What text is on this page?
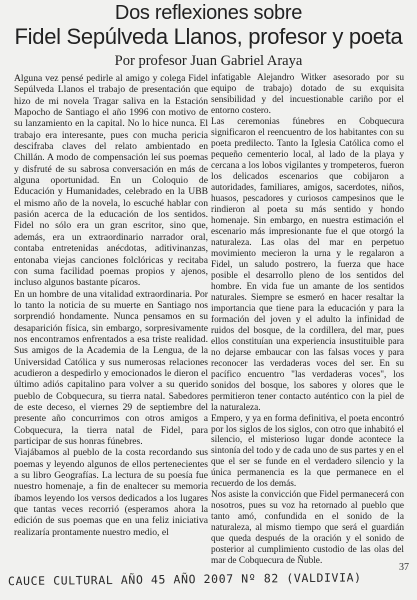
Dos reflexiones sobre
Fidel Sepúlveda Llanos, profesor y poeta
Por profesor Juan Gabriel Araya

Alguna vez pensé pedirle al amigo y colega Fidel Sepúlveda Llanos el trabajo de presentación que hizo de mi novela Tragar saliva en la Estación Mapocho de Santiago el año 1996 con motivo de su lanzamiento en la capital. No lo hice nunca. El trabajo era interesante, pues con mucha pericia descifraba claves del relato ambientado en Chillán. A modo de compensación leí sus poemas y disfruté de su sabrosa conversación en más de alguna oportunidad. En un Coloquio de Educación y Humanidades, celebrado en la UBB el mismo año de la novela, lo escuché hablar con pasión acerca de la educación de los sentidos. Fidel no sólo era un gran escritor, sino que, además, era un extraordinario narrador oral, contaba entretenidas anécdotas, aditivinanzas, entonaba viejas canciones folclóricas y recitaba con suma facilidad poemas propios y ajenos, incluso algunos bastante pícaros.

En un hombre de una vitalidad extraordinaria. Por lo tanto la noticia de su muerte en Santiago nos sorprendió hondamente. Nunca pensamos en su desaparición física, sin embargo, sorpresivamente nos encontramos enfrentados a esa triste realidad. Sus amigos de la Academia de la Lengua, de la Universidad Católica y sus numerosas relaciones acudieron a despedirlo y emocionados le dieron el último adiós capitalino para volver a su querido pueblo de Cobquecura, su tierra natal. Sabedores de este deceso, el viernes 29 de septiembre del presente año concurrimos con otros amigos a Cobquecura, la tierra natal de Fidel, para participar de sus honras fúnebres.

Viajábamos al pueblo de la costa recordando sus poemas y leyendo algunos de ellos pertenecientes a su libro Geografías. La lectura de su poesía fue nuestro homenaje, a fin de enaltecer su memoria íbamos leyendo los versos dedicados a los lugares que tantas veces recorrió (esperamos ahora la edición de sus poemas que en una feliz iniciativa realizaría prontamente nuestro medio, el

infatigable Alejandro Witker asesorado por su equipo de trabajo) dotado de su exquisita sensibilidad y del incuestionable cariño por el entorno costero.

Las ceremonias fúnebres en Cobquecura significaron el reencuentro de los habitantes con su poeta predilecto. Tanto la Iglesia Católica como el pequeño cementerio local, al lado de la playa y cercana a los lobos vigilantes y trompeteros, fueron los delicados escenarios que cobijaron a autoridades, familiares, amigos, sacerdotes, niños, huasos, pescadores y curiosos campesinos que le rindieron al poeta su más sentido y hondo homenaje. Sin embargo, en nuestra estimación el escenario más impresionante fue el que otorgó la naturaleza. Las olas del mar en perpetuo movimiento mecieron la urna y le regalaron a Fidel, un saludo postrero, la fuerza que hace posible el desarrollo pleno de los sentidos del hombre. En vida fue un amante de los sentidos naturales. Siempre se esmeró en hacer resaltar la importancia que tiene para la educación y para la formación del joven y el adulto la infinidad de ruidos del bosque, de la cordillera, del mar, pues ellos constituían una experiencia insustituible para no dejarse embaucar con las falsas voces y para reconocer las verdaderas voces del ser. En su pacífico encuentro "las verdaderas voces", los sonidos del bosque, los sabores y olores que le permitieron tener contacto auténtico con la piel de la naturaleza.

Empero, y ya en forma definitiva, el poeta encontró por los siglos de los siglos, con otro que inhabitó el silencio, el misterioso lugar donde acontece la sintonía del todo y de cada uno de sus partes y en el que el ser se funde en el verdadero silencio y la única permanencia es la que permanece en el recuerdo de los demás.

Nos asiste la convicción que Fidel permanecerá con nosotros, pues su voz ha retornado al pueblo que tanto amó, confundida en el sonido de la naturaleza, al mismo tiempo que será el guardián que queda después de la oración y el sonido de posterior al cumplimiento custodio de las olas del mar de Cobquecura de Ñuble.

37
CAUCE CULTURAL AÑO 45 AÑO 2007 Nº 82 (VALDIVIA)
